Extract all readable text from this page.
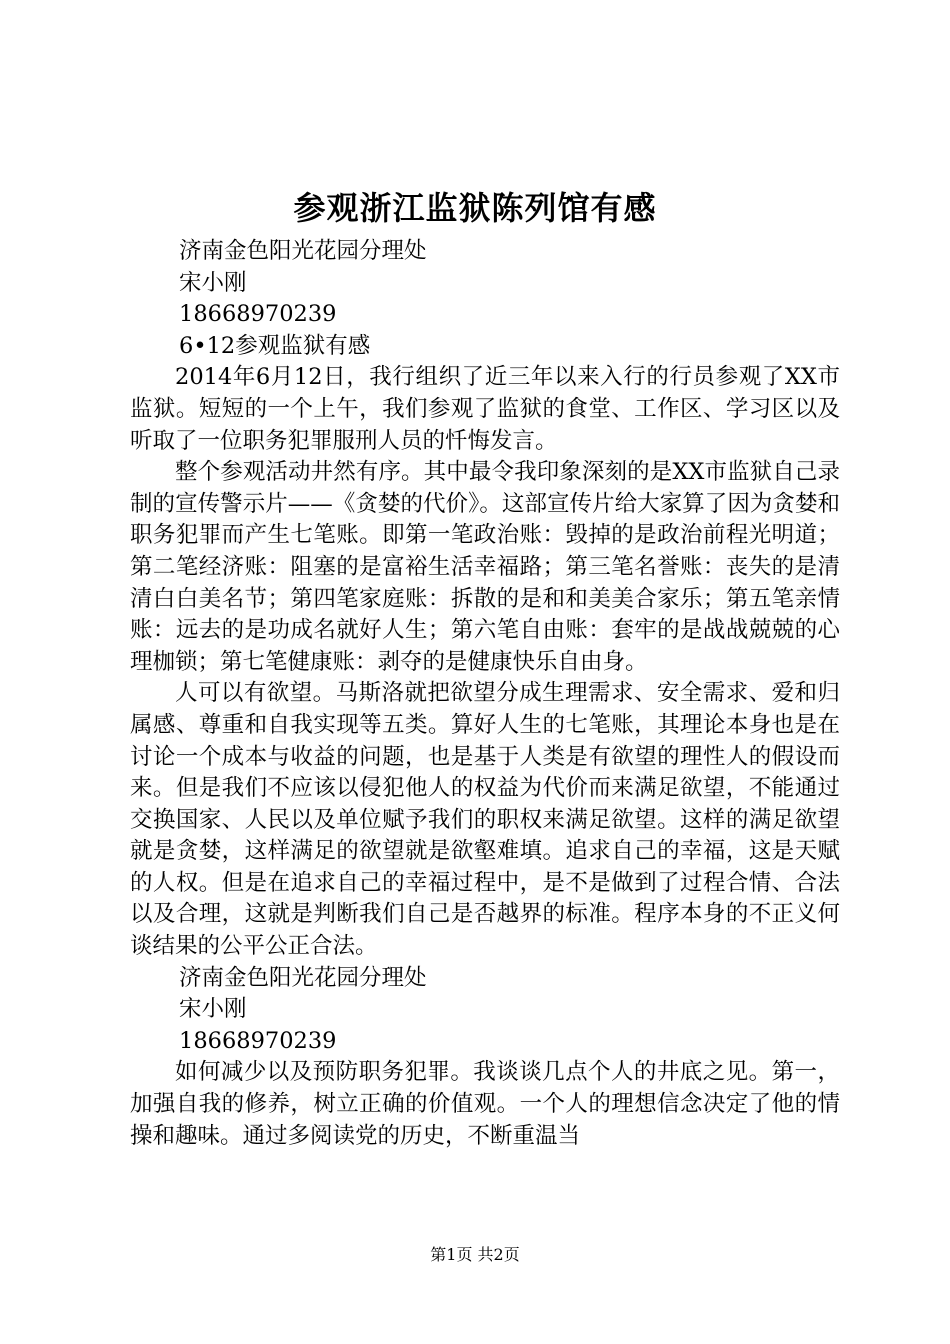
参观浙江监狱陈列馆有感
济南金色阳光花园分理处
宋小刚
18668970239
6•12参观监狱有感
2014年6月12日，我行组织了近三年以来入行的行员参观了XX市监狱。短短的一个上午，我们参观了监狱的食堂、工作区、学习区以及听取了一位职务犯罪服刑人员的忏悔发言。
整个参观活动井然有序。其中最令我印象深刻的是XX市监狱自己录制的宣传警示片——《贪婪的代价》。这部宣传片给大家算了因为贪婪和职务犯罪而产生七笔账。即第一笔政治账：毁掉的是政治前程光明道；第二笔经济账：阻塞的是富裕生活幸福路；第三笔名誉账：丧失的是清清白白美名节；第四笔家庭账：拆散的是和和美美合家乐；第五笔亲情账：远去的是功成名就好人生；第六笔自由账：套牢的是战战兢兢的心理枷锁；第七笔健康账：剥夺的是健康快乐自由身。
人可以有欲望。马斯洛就把欲望分成生理需求、安全需求、爱和归属感、尊重和自我实现等五类。算好人生的七笔账，其理论本身也是在讨论一个成本与收益的问题，也是基于人类是有欲望的理性人的假设而来。但是我们不应该以侵犯他人的权益为代价而来满足欲望，不能通过交换国家、人民以及单位赋予我们的职权来满足欲望。这样的满足欲望就是贪婪，这样满足的欲望就是欲壑难填。追求自己的幸福，这是天赋的人权。但是在追求自己的幸福过程中，是不是做到了过程合情、合法以及合理，这就是判断我们自己是否越界的标准。程序本身的不正义何谈结果的公平公正合法。
济南金色阳光花园分理处
宋小刚
18668970239
如何减少以及预防职务犯罪。我谈谈几点个人的井底之见。第一，加强自我的修养，树立正确的价值观。一个人的理想信念决定了他的情操和趣味。通过多阅读党的历史，不断重温当
第1页 共2页
